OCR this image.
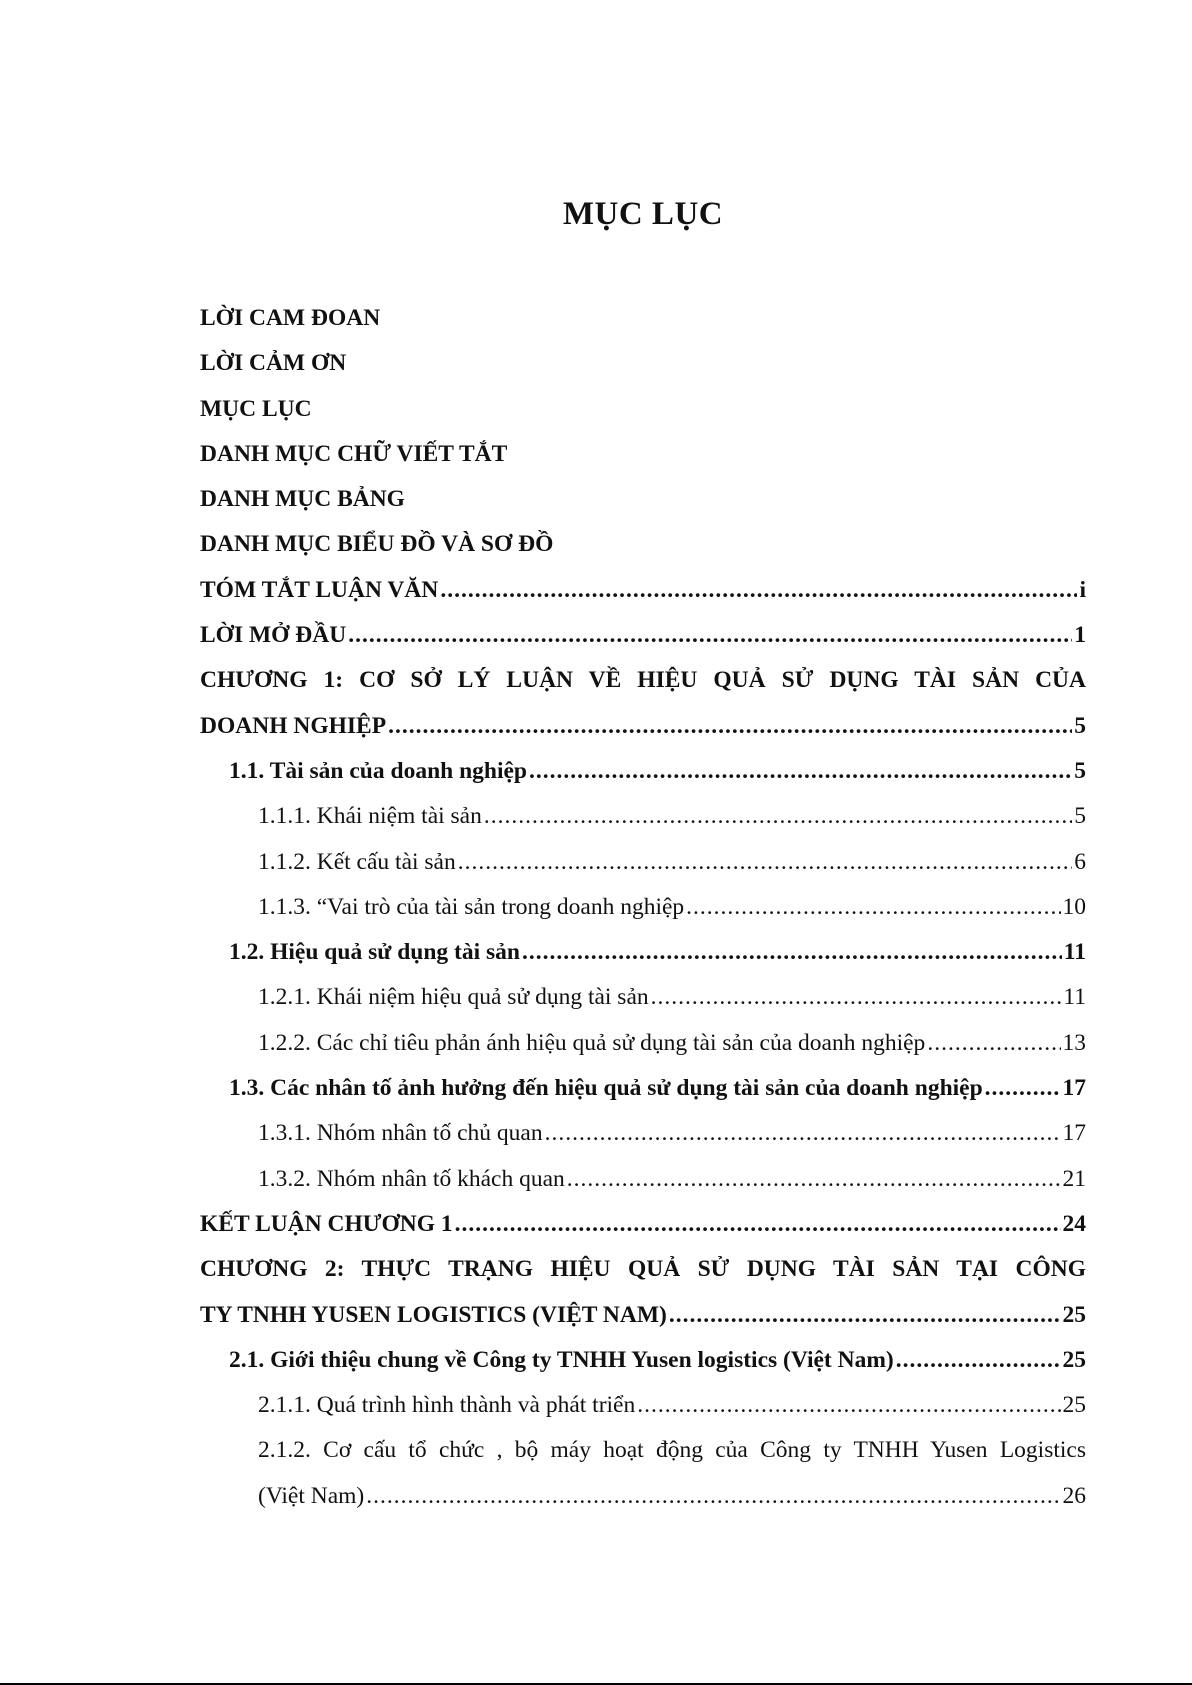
MỤC LỤC
LỜI CAM ĐOAN
LỜI CẢM ƠN
MỤC LỤC
DANH MỤC CHỮ VIẾT TẮT
DANH MỤC BẢNG
DANH MỤC BIỂU ĐỒ VÀ SƠ ĐỒ
TÓM TẮT LUẬN VĂN .....	i
LỜI MỞ ĐẦU .....	1
CHƯƠNG 1: CƠ SỞ LÝ LUẬN VỀ HIỆU QUẢ SỬ DỤNG TÀI SẢN CỦA
DOANH NGHIỆP .....	5
1.1. Tài sản của doanh nghiệp .....	5
1.1.1. Khái niệm tài sản .....	5
1.1.2. Kết cấu tài sản .....	6
1.1.3. “Vai trò của tài sản trong doanh nghiệp .....	10
1.2. Hiệu quả sử dụng tài sản .....	11
1.2.1. Khái niệm hiệu quả sử dụng tài sản .....	11
1.2.2. Các chỉ tiêu phản ánh hiệu quả sử dụng tài sản của doanh nghiệp .....	13
1.3. Các nhân tố ảnh hưởng đến hiệu quả sử dụng tài sản của doanh nghiệp .....	17
1.3.1. Nhóm nhân tố chủ quan .....	17
1.3.2. Nhóm nhân tố khách quan .....	21
KẾT LUẬN CHƯƠNG 1 .....	24
CHƯƠNG 2: THỰC TRẠNG HIỆU QUẢ SỬ DỤNG TÀI SẢN TẠI CÔNG
TY TNHH YUSEN LOGISTICS (VIỆT NAM) .....	25
2.1. Giới thiệu chung về Công ty TNHH Yusen logistics (Việt Nam) .....	25
2.1.1. Quá trình hình thành và phát triển .....	25
2.1.2. Cơ cấu tổ chức , bộ máy hoạt động của Công ty TNHH Yusen Logistics
(Việt Nam) .....	26
